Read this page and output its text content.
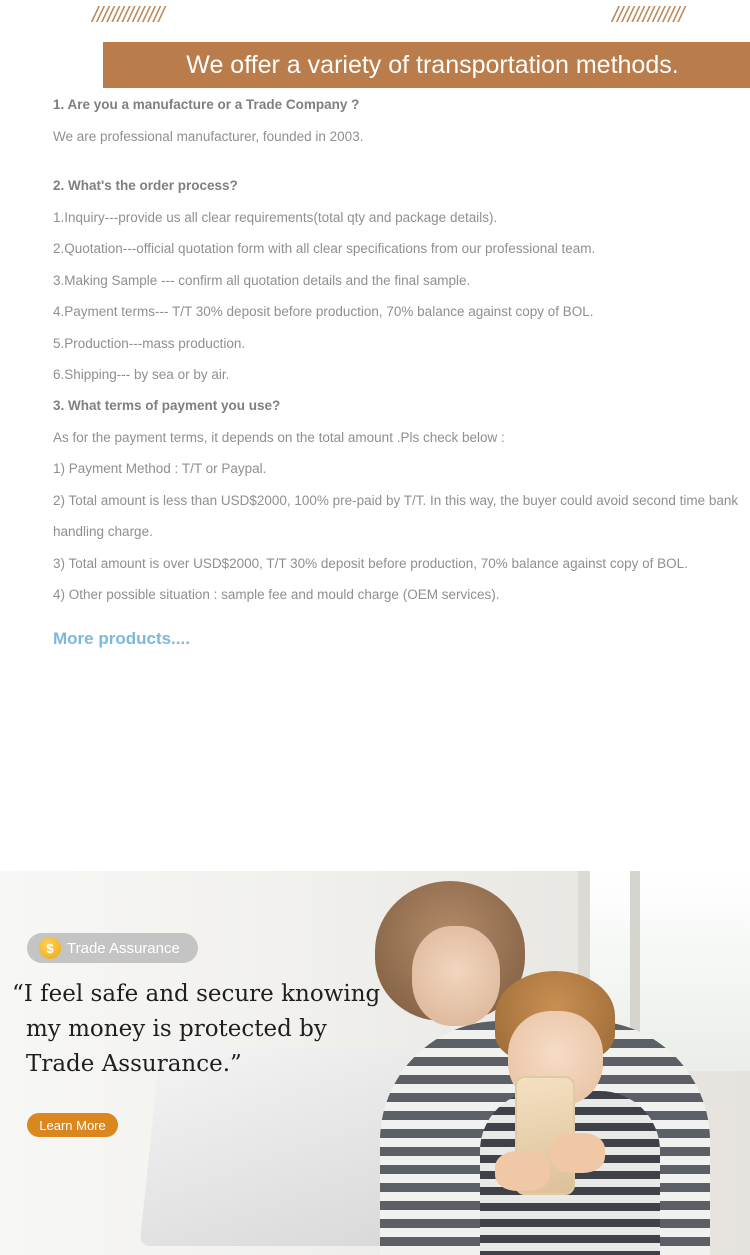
//////////////	//////////////
We offer a variety of transportation methods.
1. Are you a manufacture or a Trade Company ?
We are professional manufacturer, founded in 2003.
2. What's the order process?
1.Inquiry---provide us all clear requirements(total qty and package details).
2.Quotation---official quotation form with all clear specifications from our professional team.
3.Making Sample --- confirm all quotation details and the final sample.
4.Payment terms--- T/T 30% deposit before production, 70% balance against copy of BOL.
5.Production---mass production.
6.Shipping--- by sea or by air.
3. What terms of payment you use?
As for the payment terms, it depends on the total amount .Pls check below :
1) Payment Method : T/T or Paypal.
2) Total amount is less than USD$2000, 100% pre-paid by T/T. In this way, the buyer could avoid second time bank
handling charge.
3) Total amount is over USD$2000, T/T 30% deposit before production, 70% balance against copy of BOL.
4) Other possible situation : sample fee and mould charge (OEM services).
More products....
$ Trade Assurance
“I feel safe and secure knowing
my money is protected by
Trade Assurance.”
Learn More
